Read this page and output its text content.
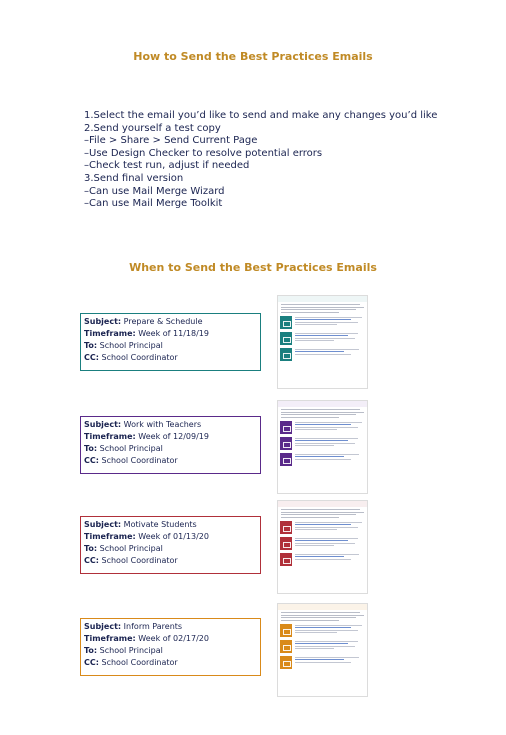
How to Send the Best Practices Emails
1.Select the email you’d like to send and make any changes you’d like
2.Send yourself a test copy
–File > Share > Send Current Page
–Use Design Checker to resolve potential errors
–Check test run, adjust if needed
3.Send final version
–Can use Mail Merge Wizard
–Can use Mail Merge Toolkit
When to Send the Best Practices Emails
Subject: Prepare & Schedule
Timeframe: Week of 11/18/19
To: School Principal
CC: School Coordinator
Subject: Work with Teachers
Timeframe: Week of 12/09/19
To: School Principal
CC: School Coordinator
Subject: Motivate Students
Timeframe: Week of 01/13/20
To: School Principal
CC: School Coordinator
Subject: Inform Parents
Timeframe: Week of 02/17/20
To: School Principal
CC: School Coordinator
